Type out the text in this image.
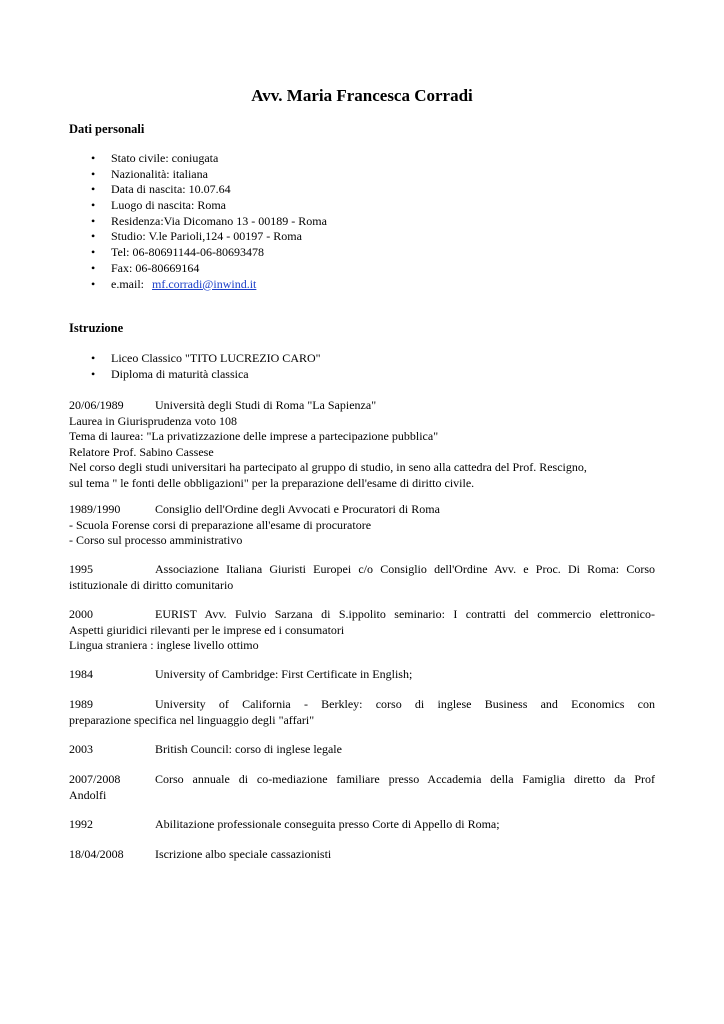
Avv. Maria Francesca Corradi
Dati personali
• Stato civile: coniugata
• Nazionalità: italiana
• Data di nascita: 10.07.64
• Luogo di nascita: Roma
• Residenza:Via Dicomano 13 - 00189 - Roma
• Studio: V.le Parioli,124 - 00197 - Roma
• Tel: 06-80691144-06-80693478
• Fax: 06-80669164
• e.mail: mf.corradi@inwind.it
Istruzione
• Liceo Classico "TITO LUCREZIO CARO"
• Diploma di maturità classica
20/06/1989	Università degli Studi di Roma "La Sapienza"
Laurea in Giurisprudenza voto 108
Tema di laurea: "La privatizzazione delle imprese a partecipazione pubblica"
Relatore Prof. Sabino Cassese
Nel corso degli studi universitari ha partecipato al gruppo di studio, in seno alla cattedra del Prof. Rescigno,
sul tema " le fonti delle obbligazioni" per la preparazione dell'esame di diritto civile.
1989/1990	Consiglio dell'Ordine degli Avvocati e Procuratori di Roma
- Scuola Forense corsi di preparazione all'esame di procuratore
- Corso sul processo amministrativo
1995	Associazione Italiana Giuristi Europei c/o Consiglio dell'Ordine Avv. e Proc. Di Roma: Corso
istituzionale di diritto comunitario
2000	EURIST Avv. Fulvio Sarzana di S.ippolito seminario: I contratti del commercio elettronico-
Aspetti giuridici rilevanti per le imprese ed i consumatori
Lingua straniera : inglese livello ottimo
1984	University of Cambridge: First Certificate in English;
1989	University of California - Berkley: corso di inglese Business and Economics con
preparazione specifica nel linguaggio degli "affari"
2003	British Council: corso di inglese legale
2007/2008	Corso annuale di co-mediazione familiare presso Accademia della Famiglia diretto da Prof
Andolfi
1992	Abilitazione professionale conseguita presso Corte di Appello di Roma;
18/04/2008	Iscrizione albo speciale cassazionisti
